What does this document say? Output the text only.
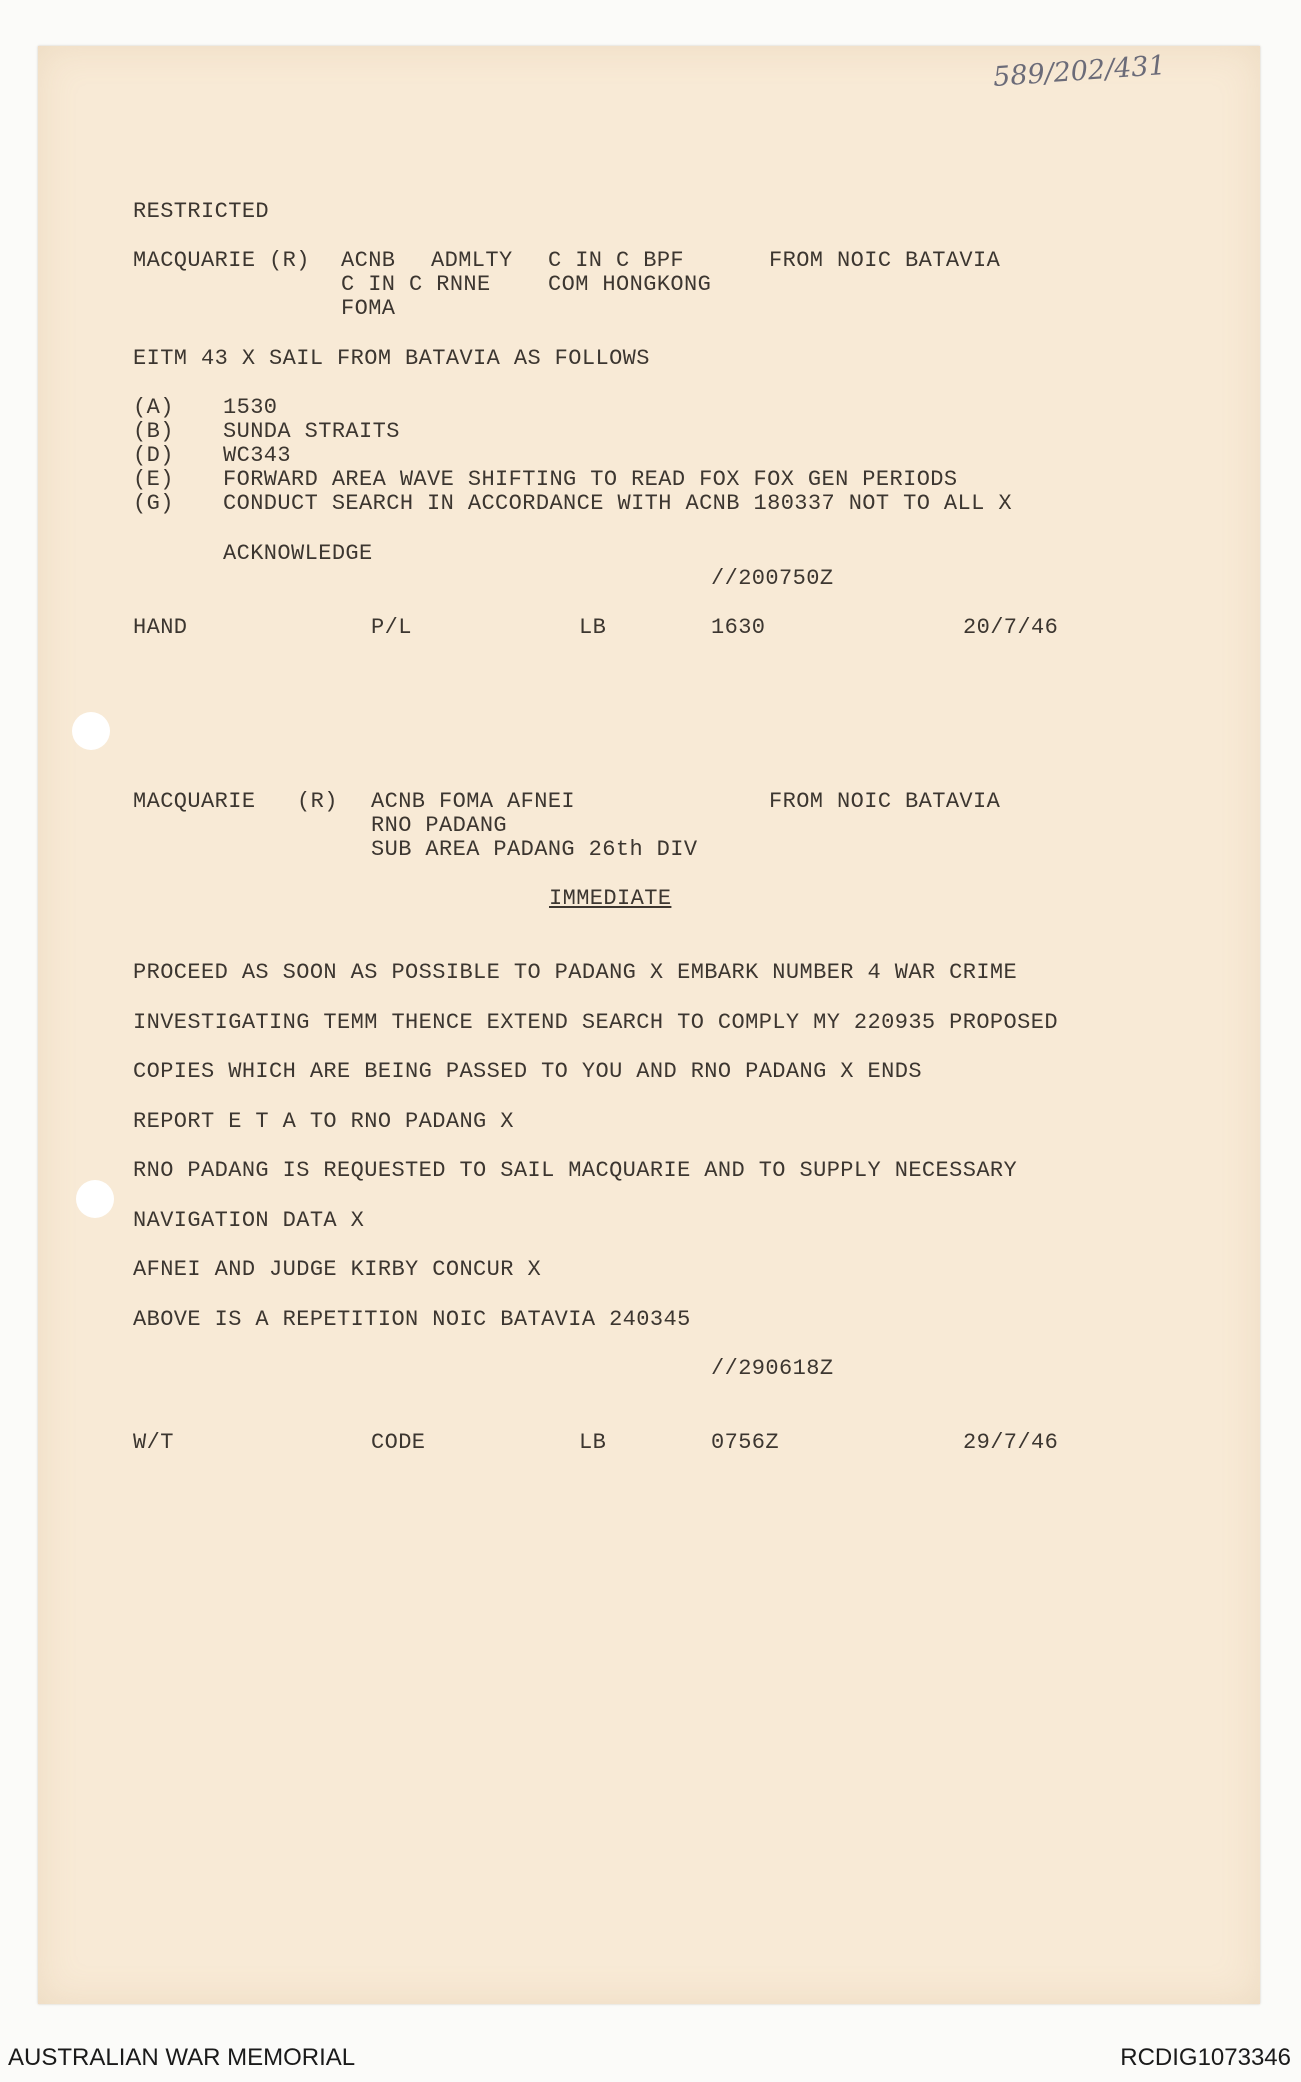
589/202/431
RESTRICTED
MACQUARIE (R) ACNB ADMLTY C IN C BPF	FROM NOIC BATAVIA
C IN C RNNE	COM HONGKONG
FOMA
EITM 43 X SAIL FROM BATAVIA AS FOLLOWS
(A) 1530
(B) SUNDA STRAITS
(D) WC343
(E) FORWARD AREA WAVE SHIFTING TO READ FOX FOX GEN PERIODS
(G) CONDUCT SEARCH IN ACCORDANCE WITH ACNB 180337 NOT TO ALL X
ACKNOWLEDGE
//200750Z
HAND	P/L	LB	1630	20/7/46
MACQUARIE (R) ACNB FOMA AFNEI	FROM NOIC BATAVIA
RNO PADANG
SUB AREA PADANG 26th DIV
IMMEDIATE
PROCEED AS SOON AS POSSIBLE TO PADANG X EMBARK NUMBER 4 WAR CRIME
INVESTIGATING TEMM THENCE EXTEND SEARCH TO COMPLY MY 220935 PROPOSED
COPIES WHICH ARE BEING PASSED TO YOU AND RNO PADANG X ENDS
REPORT E T A TO RNO PADANG X
RNO PADANG IS REQUESTED TO SAIL MACQUARIE AND TO SUPPLY NECESSARY
NAVIGATION DATA X
AFNEI AND JUDGE KIRBY CONCUR X
ABOVE IS A REPETITION NOIC BATAVIA 240345
//290618Z
W/T	CODE	LB	0756Z	29/7/46
AUSTRALIAN WAR MEMORIAL	RCDIG1073346
